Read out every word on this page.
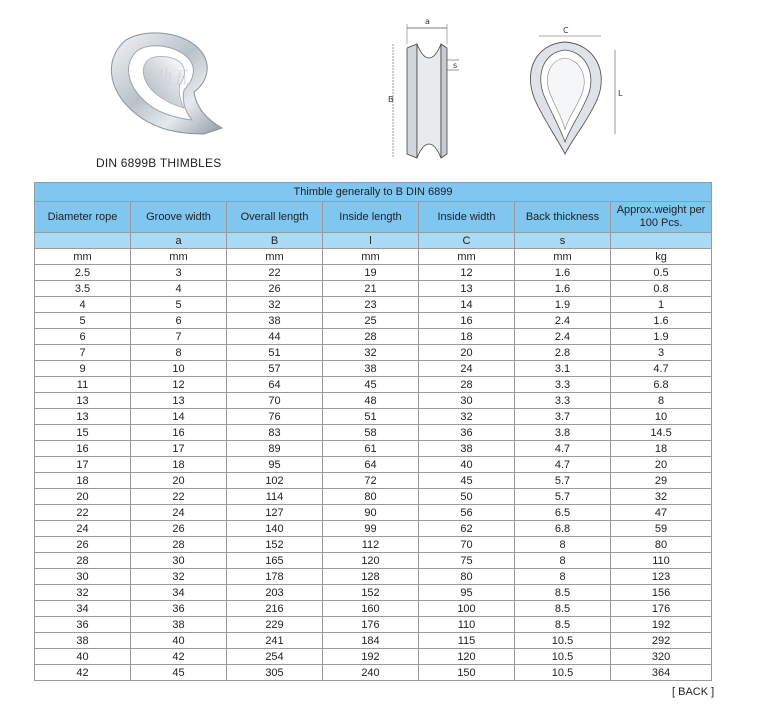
劲五
DIN 6899B THIMBLES
a
B
s
C
L
Thimble generally to B DIN 6899						
Diameter rope	Groove width	Overall length	Inside length	Inside width	Back thickness	Approx.weight per 100 Pcs.
	a	B	l	C	s	
mm	mm	mm	mm	mm	mm	kg
2.5	3	22	19	12	1.6	0.5
3.5	4	26	21	13	1.6	0.8
4	5	32	23	14	1.9	1
5	6	38	25	16	2.4	1.6
6	7	44	28	18	2.4	1.9
7	8	51	32	20	2.8	3
9	10	57	38	24	3.1	4.7
11	12	64	45	28	3.3	6.8
13	13	70	48	30	3.3	8
13	14	76	51	32	3.7	10
15	16	83	58	36	3.8	14.5
16	17	89	61	38	4.7	18
17	18	95	64	40	4.7	20
18	20	102	72	45	5.7	29
20	22	114	80	50	5.7	32
22	24	127	90	56	6.5	47
24	26	140	99	62	6.8	59
26	28	152	112	70	8	80
28	30	165	120	75	8	110
30	32	178	128	80	8	123
32	34	203	152	95	8.5	156
34	36	216	160	100	8.5	176
36	38	229	176	110	8.5	192
38	40	241	184	115	10.5	292
40	42	254	192	120	10.5	320
42	45	305	240	150	10.5	364
[ BACK ]
